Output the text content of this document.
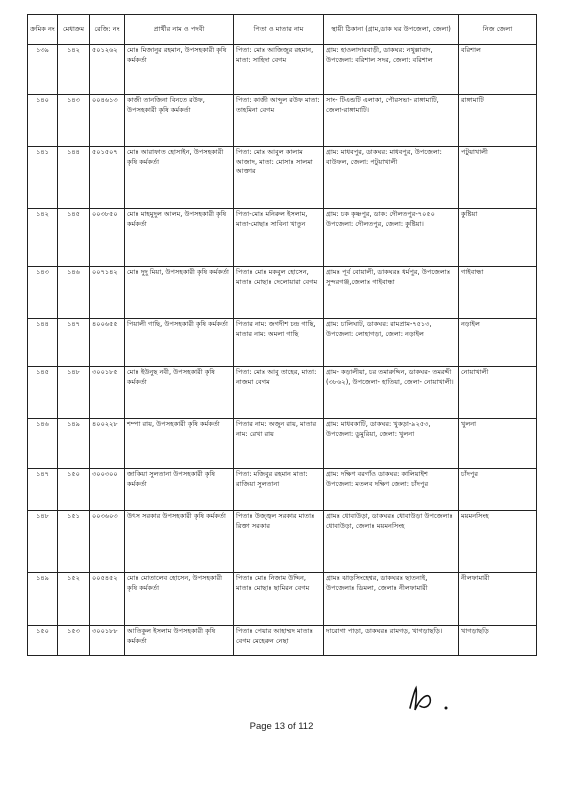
ক্রমিক নং	মেধাক্রম	রেজি: নং	প্রার্থীর নাম ও পদবী	পিতা ও মাতার নাম	স্থায়ী ঠিকানা (গ্রাম,ডাক ঘর উপজেলা, জেলা)	নিজ জেলা
১৩৯	১৪২	৫০১২৬২	মোঃ মিজানুর রহমান, উপসহকারী কৃষি কর্মকর্তা	পিতা: মোঃ আজিজুর রহমান, মাতা: সাহিদা বেগম	গ্রাম: হাওলাদারবাড়ী, ডাকঘর: নথুল্লাবাদ, উপজেলা: বরিশাল সদর, জেলা: বরিশাল	বরিশাল
১৪০	১৪৩	০০৪৬১৩	কাজী তানজিনা বিনতে রউফ, উপসহকারী কৃষি কর্মকর্তা	পিতা: কাজী আব্দুল রউফ মাতা: তাহমিনা বেগম	সাং- টিএন্ডটি এলাকা, পৌরসভা- রাঙ্গামাটি, জেলা-রাঙ্গামাটি।	রাঙ্গামাটি
১৪১	১৪৪	৫০১৫০৭	মোঃ আরাফাত হোসাইন, উপসহকারী কৃষি কর্মকর্তা	পিতা: মোঃ আবুল কালাম আজাদ, মাতা: মোসাঃ সালমা আক্তার	গ্রাম: মাধবপুর, ডাকঘর: মাধবপুর, উপজেলা: বাউফল, জেলা: পটুয়াখালী	পটুয়াখালী
১৪২	১৪৫	০০৩৮৫০	মোঃ মাহমুদুল আলম, উপসহকারী কৃষি কর্মকর্তা	পিতা-মোঃ মনিরুল ইসলাম, মাতা-মোছাঃ সাবিনা খাতুন	গ্রাম: চক কৃষ্ণপুর, ডাক: দৌলতপুর-৭০৫০ উপজেলা: দৌলতপুর, জেলা: কুষ্টিয়া।	কুষ্টিয়া
১৪৩	১৪৬	০০৭১৪২	মোঃ দুদু মিয়া, উপসহকারী কৃষি কর্মকর্তা	পিতাঃ মোঃ মকবুল হোসেন, মাতাঃ মোছাঃ দেলোয়ারা বেগম	গ্রামঃ পূর্ব বোয়ালী, ডাকঘরঃ ধর্মপুর, উপজেলাঃ সুন্দরগঞ্জ,জেলাঃ গাইবান্ধা	গাইবান্ধা
১৪৪	১৪৭	৪০০৬৫৫	পিয়ালী গাছি, উপসহকারী কৃষি কর্মকর্তা	পিতার নাম: জগদীশ চন্দ্র গাছি, মাতার নাম: অমলা গাছি	গ্রাম: চালিঘাট, ডাকঘর: রামপ্রাম-৭৫১৩, উপজেলা: লোহাগড়া, জেলা: নড়াইল	নড়াইল
১৪৫	১৪৮	৩০০১৮৫	মোঃ ইউনুছ নবী, উপসহকারী কৃষি কর্মকর্তা	পিতা: মোঃ আবু তাহের, মাতা: নাজমা বেগম	গ্রাম- কড়ালীয়া, চর তমারুদ্দিন, ডাকঘর- তমরদ্দী (৩৮৬২), উপজেলা- হাতিয়া, জেলা- নোয়াখালী।	নোয়াখালী
১৪৬	১৪৯	৪০০২২৮	শম্পা রায়, উপসহকারী কৃষি কর্মকর্তা	পিতার নাম: অজুন রায়, মাতার নাম: রেখা রায়	গ্রাম: মাধবকাটি, ডাকঘর: খুকড়া-৯২৫৩, উপজেলা: ডুমুরিয়া, জেলা: খুলনা	খুলনা
১৪৭	১৫০	৩০০৩০০	জাকিয়া সুলতানা উপসহকারী কৃষি কর্মকর্তা	পিতা: মজিবুর রহমান মাতা: রাজিয়া সুলতানা	গ্রাম: দক্ষিণ বরগাঁও ডাকঘর: কালিয়াইশ উপজেলা: মতলব দক্ষিণ জেলা: চাঁদপুর	চাঁদপুর
১৪৮	১৫১	০০৩৬০৩	উৎস সরকার উপসহকারী কৃষি কর্মকর্তা	পিতাঃ উজ্জ্বল সরকার মাতাঃ রিক্তা সরকার	গ্রামঃ ধোবাউড়া, ডাকঘরঃ ধোবাউড়া উপজেলাঃ ধোবাউড়া, জেলাঃ ময়মনসিংহ	ময়মনসিংহ
১৪৯	১৫২	০০৫৪৫২	মোঃ মোতালেব হোসেন, উপসহকারী কৃষি কর্মকর্তা	পিতাঃ মোঃ নিজাম উদ্দিন, মাতাঃ মোছাঃ ছামিরন বেগম	গ্রামঃ ঝাড়সিংহেশ্বর, ডাকঘরঃ ছাতনাই, উপজেলাঃ ডিমলা, জেলাঃ নীলফামারী	নীলফামারী
১৫০	১৫৩	৩০০১৮৮	আতিকুল ইসলাম উপসহকারী কৃষি কর্মকর্তা	পিতাঃ পেয়ার আহাম্মদ মাতাঃ বেগম মেহেরুন নেছা	দারোগা পাড়া, ডাকঘরঃ রামগড়, খাগড়াছড়ি।	খাগড়াছড়ি
Page 13 of 112
